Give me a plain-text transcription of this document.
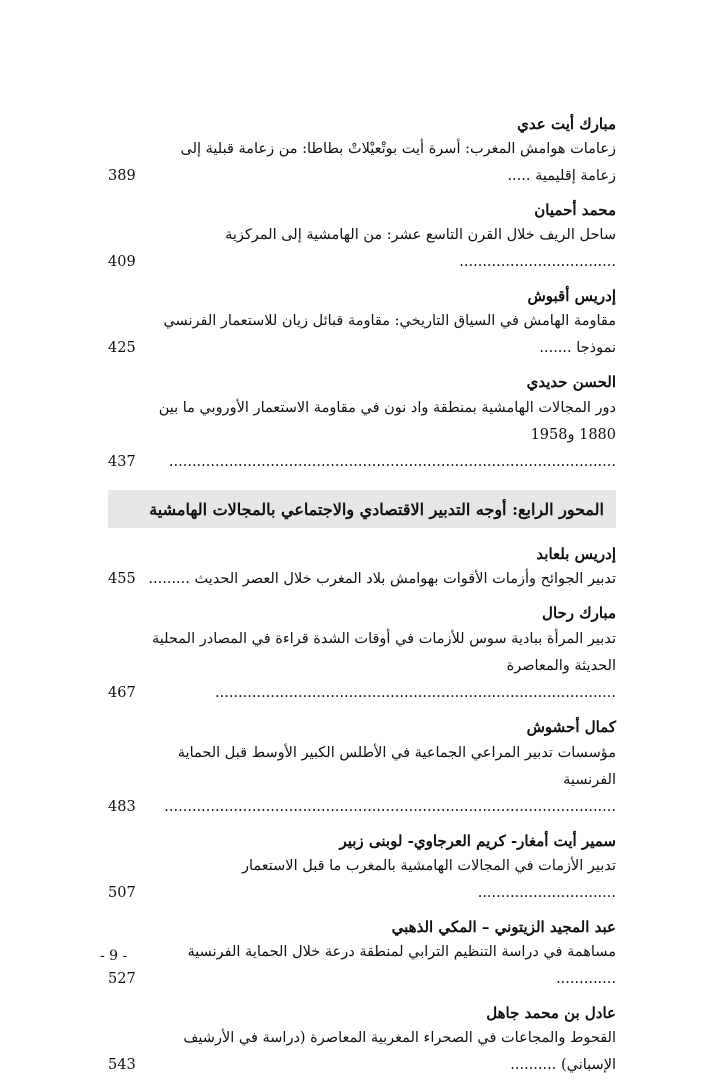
مبارك أيت عدي
زعامات هوامش المغرب: أسرة أيت بوتْعيْلاتْ بطاطا: من زعامة قبلية إلى زعامة إقليمية .....
389
محمد أحميان
ساحل الريف خلال القرن التاسع عشر: من الهامشية إلى المركزية ..................................
409
إدريس أقبوش
مقاومة الهامش في السياق التاريخي: مقاومة قبائل زيان للاستعمار الفرنسي نموذجا .......
425
الحسن حديدي
دور المجالات الهامشية بمنطقة واد نون في مقاومة الاستعمار الأوروبي ما بين
1880 و1958 .................................................................................................
437
المحور الرابع: أوجه التدبير الاقتصادي والاجتماعي بالمجالات الهامشية
إدريس بلعابد
تدبير الجوائح وأزمات الأقوات بهوامش بلاد المغرب خلال العصر الحديث .........
455
مبارك رحال
تدبير المرأة ببادية سوس للأزمات في أوقات الشدة قراءة في المصادر المحلية
الحديثة والمعاصرة .......................................................................................
467
كمال أحشوش
مؤسسات تدبير المراعي الجماعية في الأطلس الكبير الأوسط قبل الحماية
الفرنسية ..................................................................................................
483
سمير أيت أمغار- كريم العرجاوي- لوبنى زبير
تدبير الأزمات في المجالات الهامشية بالمغرب ما قبل الاستعمار ..............................
507
عبد المجيد الزيتوني – المكي الذهبي
مساهمة في دراسة التنظيم الترابي لمنطقة درعة خلال الحماية الفرنسية .............
527
عادل بن محمد جاهل
القحوط والمجاعات في الصحراء المغربية المعاصرة (دراسة في الأرشيف الإسباني) ..........
543
- 9 -
